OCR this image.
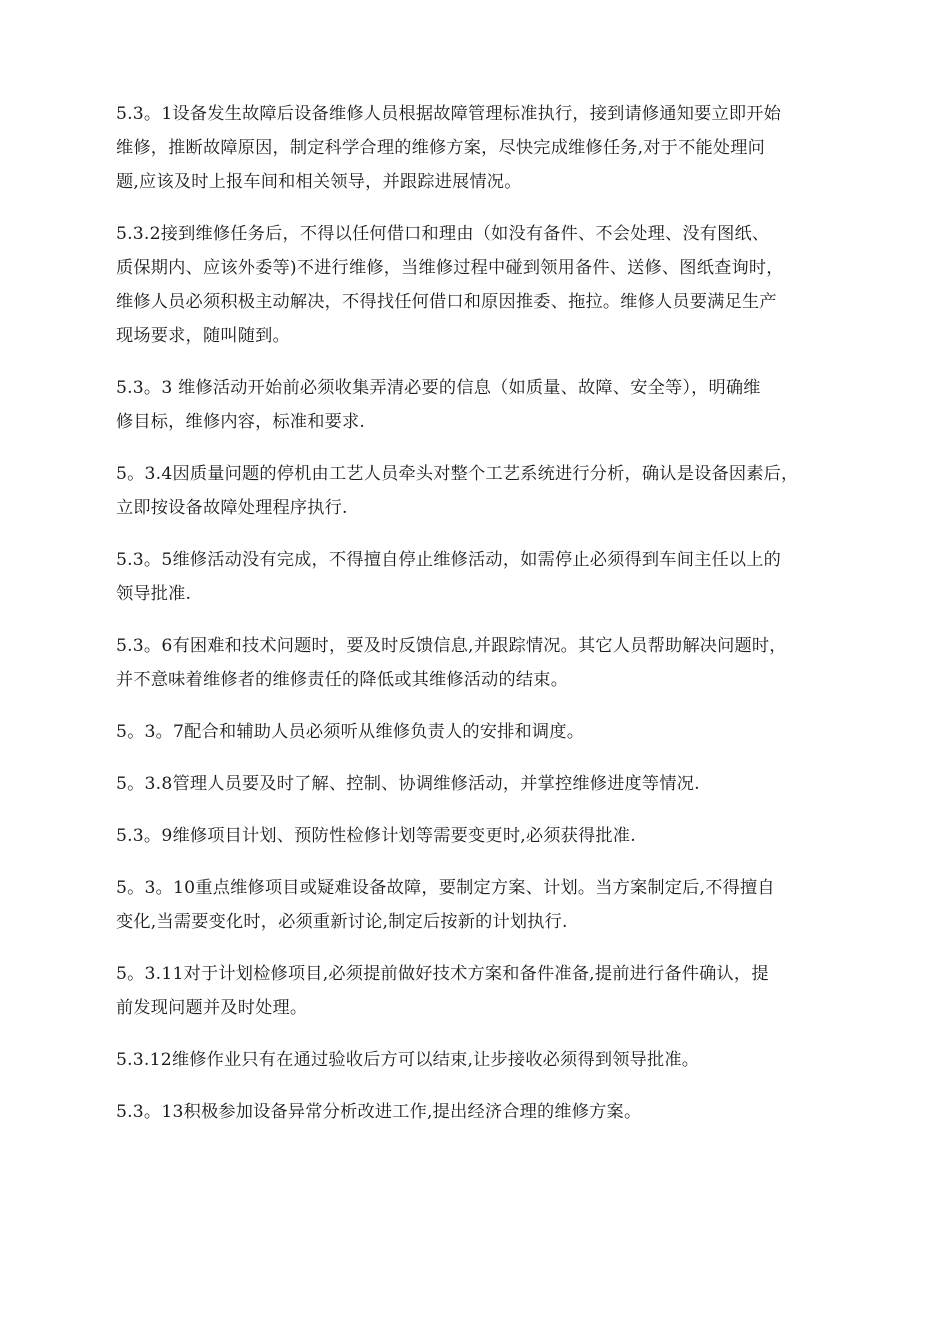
5.3。1设备发生故障后设备维修人员根据故障管理标准执行，接到请修通知要立即开始
维修，推断故障原因，制定科学合理的维修方案，尽快完成维修任务,对于不能处理问
题,应该及时上报车间和相关领导，并跟踪进展情况。

5.3.2接到维修任务后，不得以任何借口和理由（如没有备件、不会处理、没有图纸、
质保期内、应该外委等)不进行维修，当维修过程中碰到领用备件、送修、图纸查询时，
维修人员必须积极主动解决，不得找任何借口和原因推委、拖拉。维修人员要满足生产
现场要求，随叫随到。

5.3。3 维修活动开始前必须收集弄清必要的信息（如质量、故障、安全等），明确维
修目标，维修内容，标准和要求.

5。3.4因质量问题的停机由工艺人员牵头对整个工艺系统进行分析，确认是设备因素后，
立即按设备故障处理程序执行.

5.3。5维修活动没有完成，不得擅自停止维修活动，如需停止必须得到车间主任以上的
领导批准.

5.3。6有困难和技术问题时，要及时反馈信息,并跟踪情况。其它人员帮助解决问题时，
并不意味着维修者的维修责任的降低或其维修活动的结束。

5。3。7配合和辅助人员必须听从维修负责人的安排和调度。

5。3.8管理人员要及时了解、控制、协调维修活动，并掌控维修进度等情况.

5.3。9维修项目计划、预防性检修计划等需要变更时,必须获得批准.

5。3。10重点维修项目或疑难设备故障，要制定方案、计划。当方案制定后,不得擅自
变化,当需要变化时，必须重新讨论,制定后按新的计划执行.

5。3.11对于计划检修项目,必须提前做好技术方案和备件准备,提前进行备件确认，提
前发现问题并及时处理。

5.3.12维修作业只有在通过验收后方可以结束,让步接收必须得到领导批准。

5.3。13积极参加设备异常分析改进工作,提出经济合理的维修方案。
